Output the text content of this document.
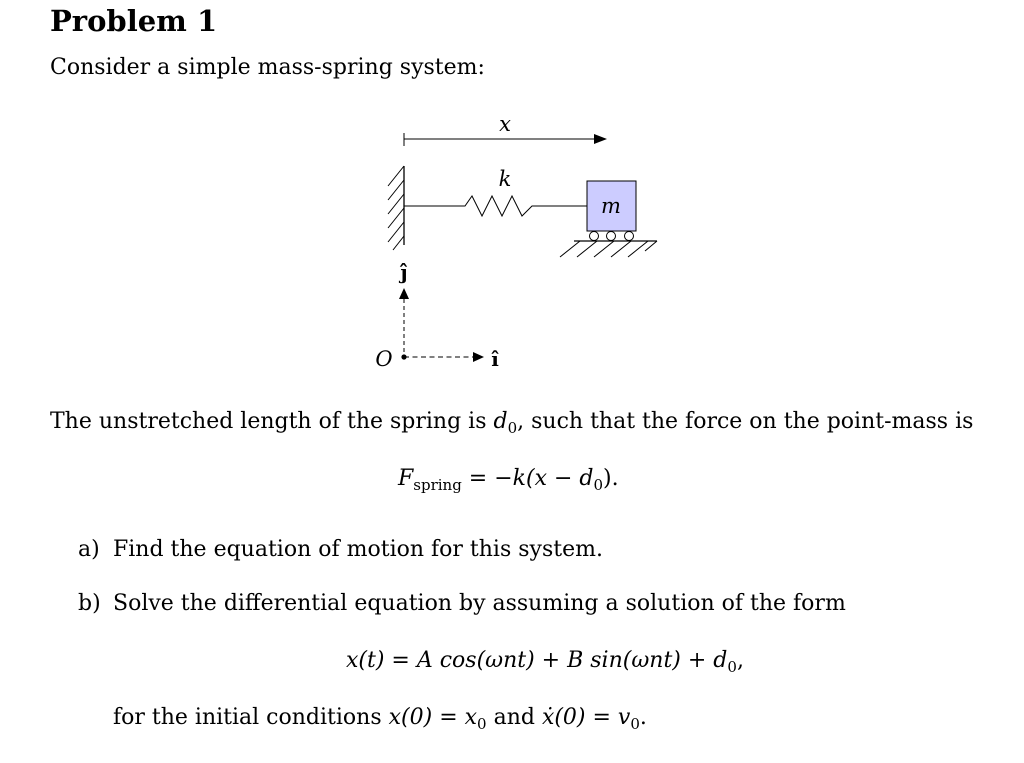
Problem 1
Consider a simple mass-spring system:
x
k
m
ĵ
î
O
The unstretched length of the spring is $d_0$, such that the force on the point-mass is
$F_{spring} = -k(x - d_0)$.
a) Find the equation of motion for this system.
b) Solve the differential equation by assuming a solution of the form
x(t) = A cos(ωnt) + B $\sin(\omega nt) + d_0$,
for the initial conditions $x(0) = x_0$ and ẋ(0) = $v_0$.
